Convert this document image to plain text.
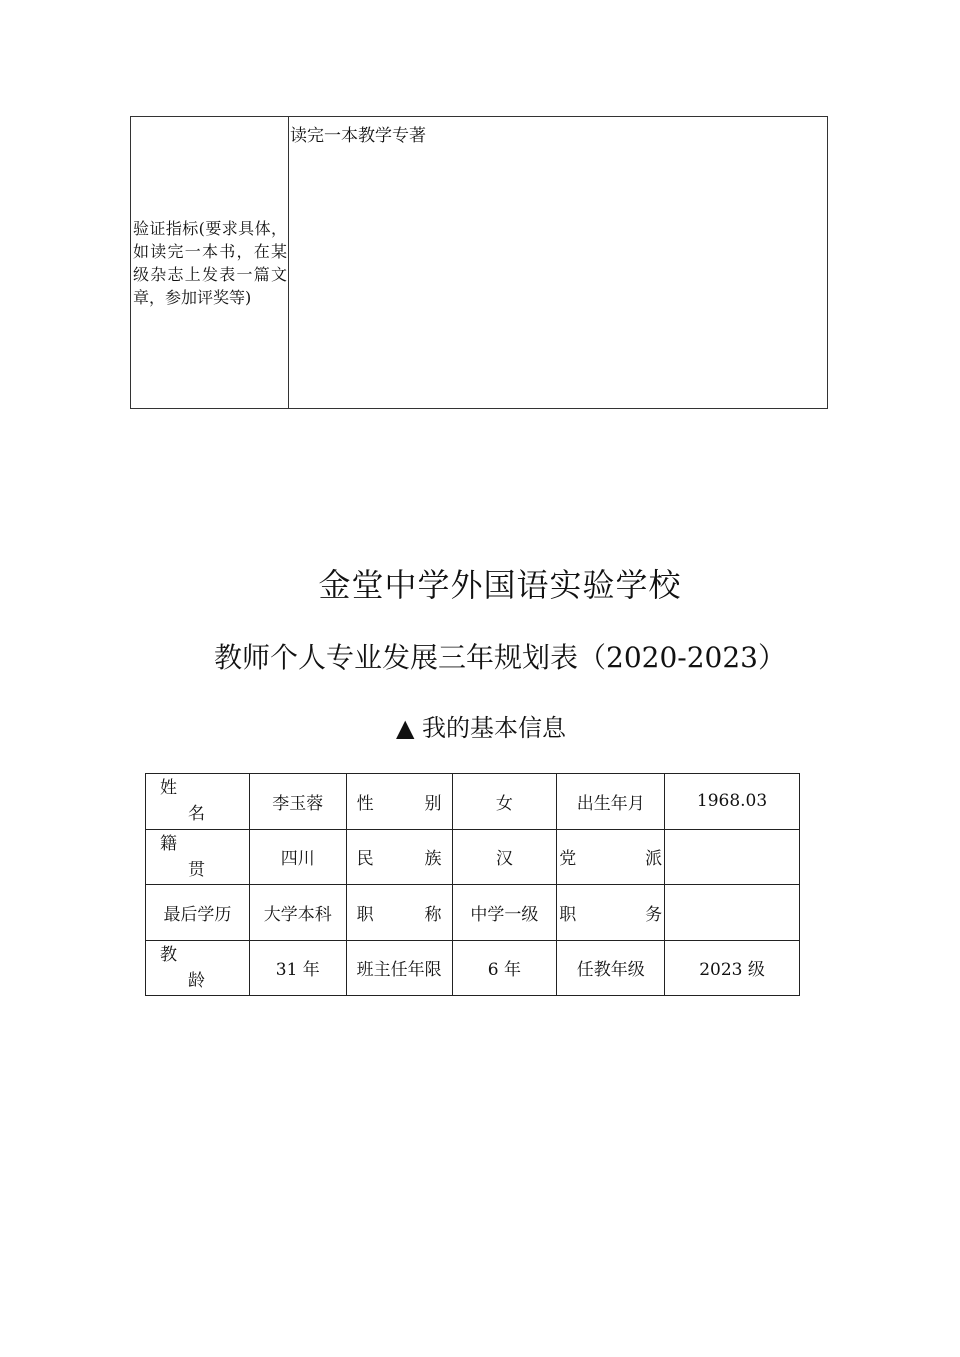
验证指标(要求具体，如读完一本书，在某级杂志上发表一篇文章，参加评奖等)	读完一本教学专著
金堂中学外国语实验学校
教师个人专业发展三年规划表（2020-2023）
▲ 我的基本信息
姓
名	李玉蓉	性 别	女	出生年月	1968.03

籍
贯	四川	民 族	汉	党 派	

最后学历	大学本科	职 称	中学一级	职 务	

教
龄	31 年	班主任年限	6 年	任教年级	2023 级
